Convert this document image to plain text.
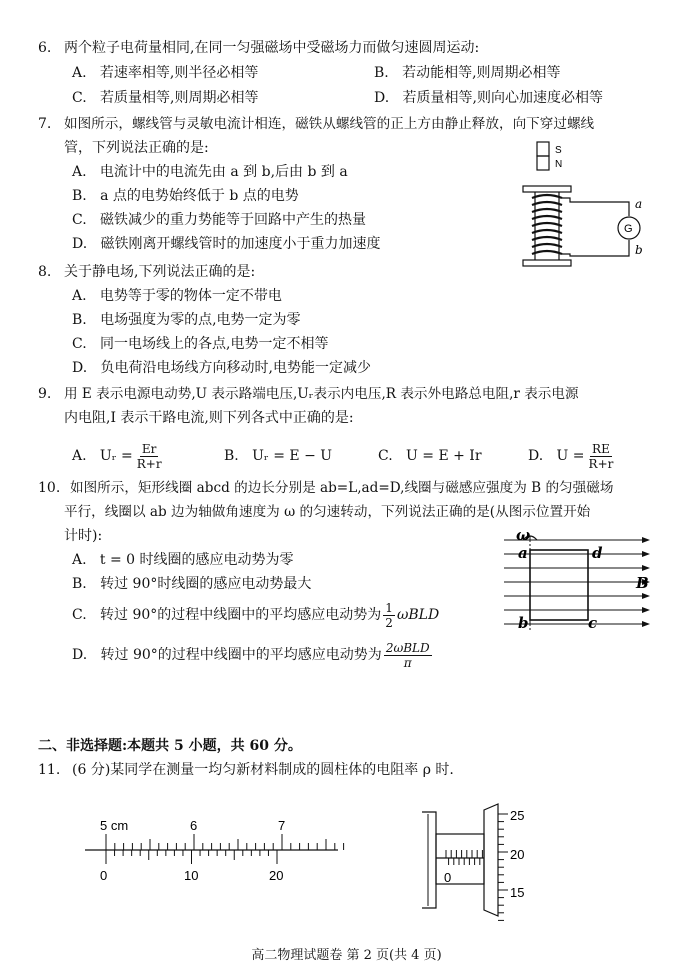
6. 两个粒子电荷量相同,在同一匀强磁场中受磁场力而做匀速圆周运动:
A. 若速率相等,则半径必相等	B. 若动能相等,则周期必相等
C. 若质量相等,则周期必相等	D. 若质量相等,则向心加速度必相等
7. 如图所示，螺线管与灵敏电流计相连，磁铁从螺线管的正上方由静止释放，向下穿过螺线
管，下列说法正确的是:
A. 电流计中的电流先由 a 到 b,后由 b 到 a
B. a 点的电势始终低于 b 点的电势
C. 磁铁减少的重力势能等于回路中产生的热量
D. 磁铁刚离开螺线管时的加速度小于重力加速度
S
N
G
a
b
8. 关于静电场,下列说法正确的是:
A. 电势等于零的物体一定不带电
B. 电场强度为零的点,电势一定为零
C. 同一电场线上的各点,电势一定不相等
D. 负电荷沿电场线方向移动时,电势能一定减少
9. 用 E 表示电源电动势,U 表示路端电压,Uᵣ表示内电压,R 表示外电路总电阻,r 表示电源
内电阻,I 表示干路电流,则下列各式中正确的是:
A. Uᵣ = $\frac{Er}{R+r}$	B. Uᵣ = E − U	C. U = E + Ir	D. $U = \frac{RE}{R+r}$
10. 如图所示，矩形线圈 abcd 的边长分别是 ab=L,ad=D,线圈与磁感应强度为 B 的匀强磁场
平行，线圈以 ab 边为轴做角速度为 ω 的匀速转动，下列说法正确的是(从图示位置开始
计时):
A. t = 0 时线圈的感应电动势为零
B. 转过 90°时线圈的感应电动势最大
C. 转过 90°的过程中线圈中的平均感应电动势为 $\frac{1}{2}$ ωBLD
D. 转过 90°的过程中线圈中的平均感应电动势为 $\frac{\text{2ωBLD}}{\pi}$
ω
a	d
b	c
B
二、非选择题:本题共 5 小题，共 60 分。
11. (6 分)某同学在测量一均匀新材料制成的圆柱体的电阻率 ρ 时.
5 cm	6	7
0	10	20	0
25
20
15
高二物理试题卷 第 2 页(共 4 页)
